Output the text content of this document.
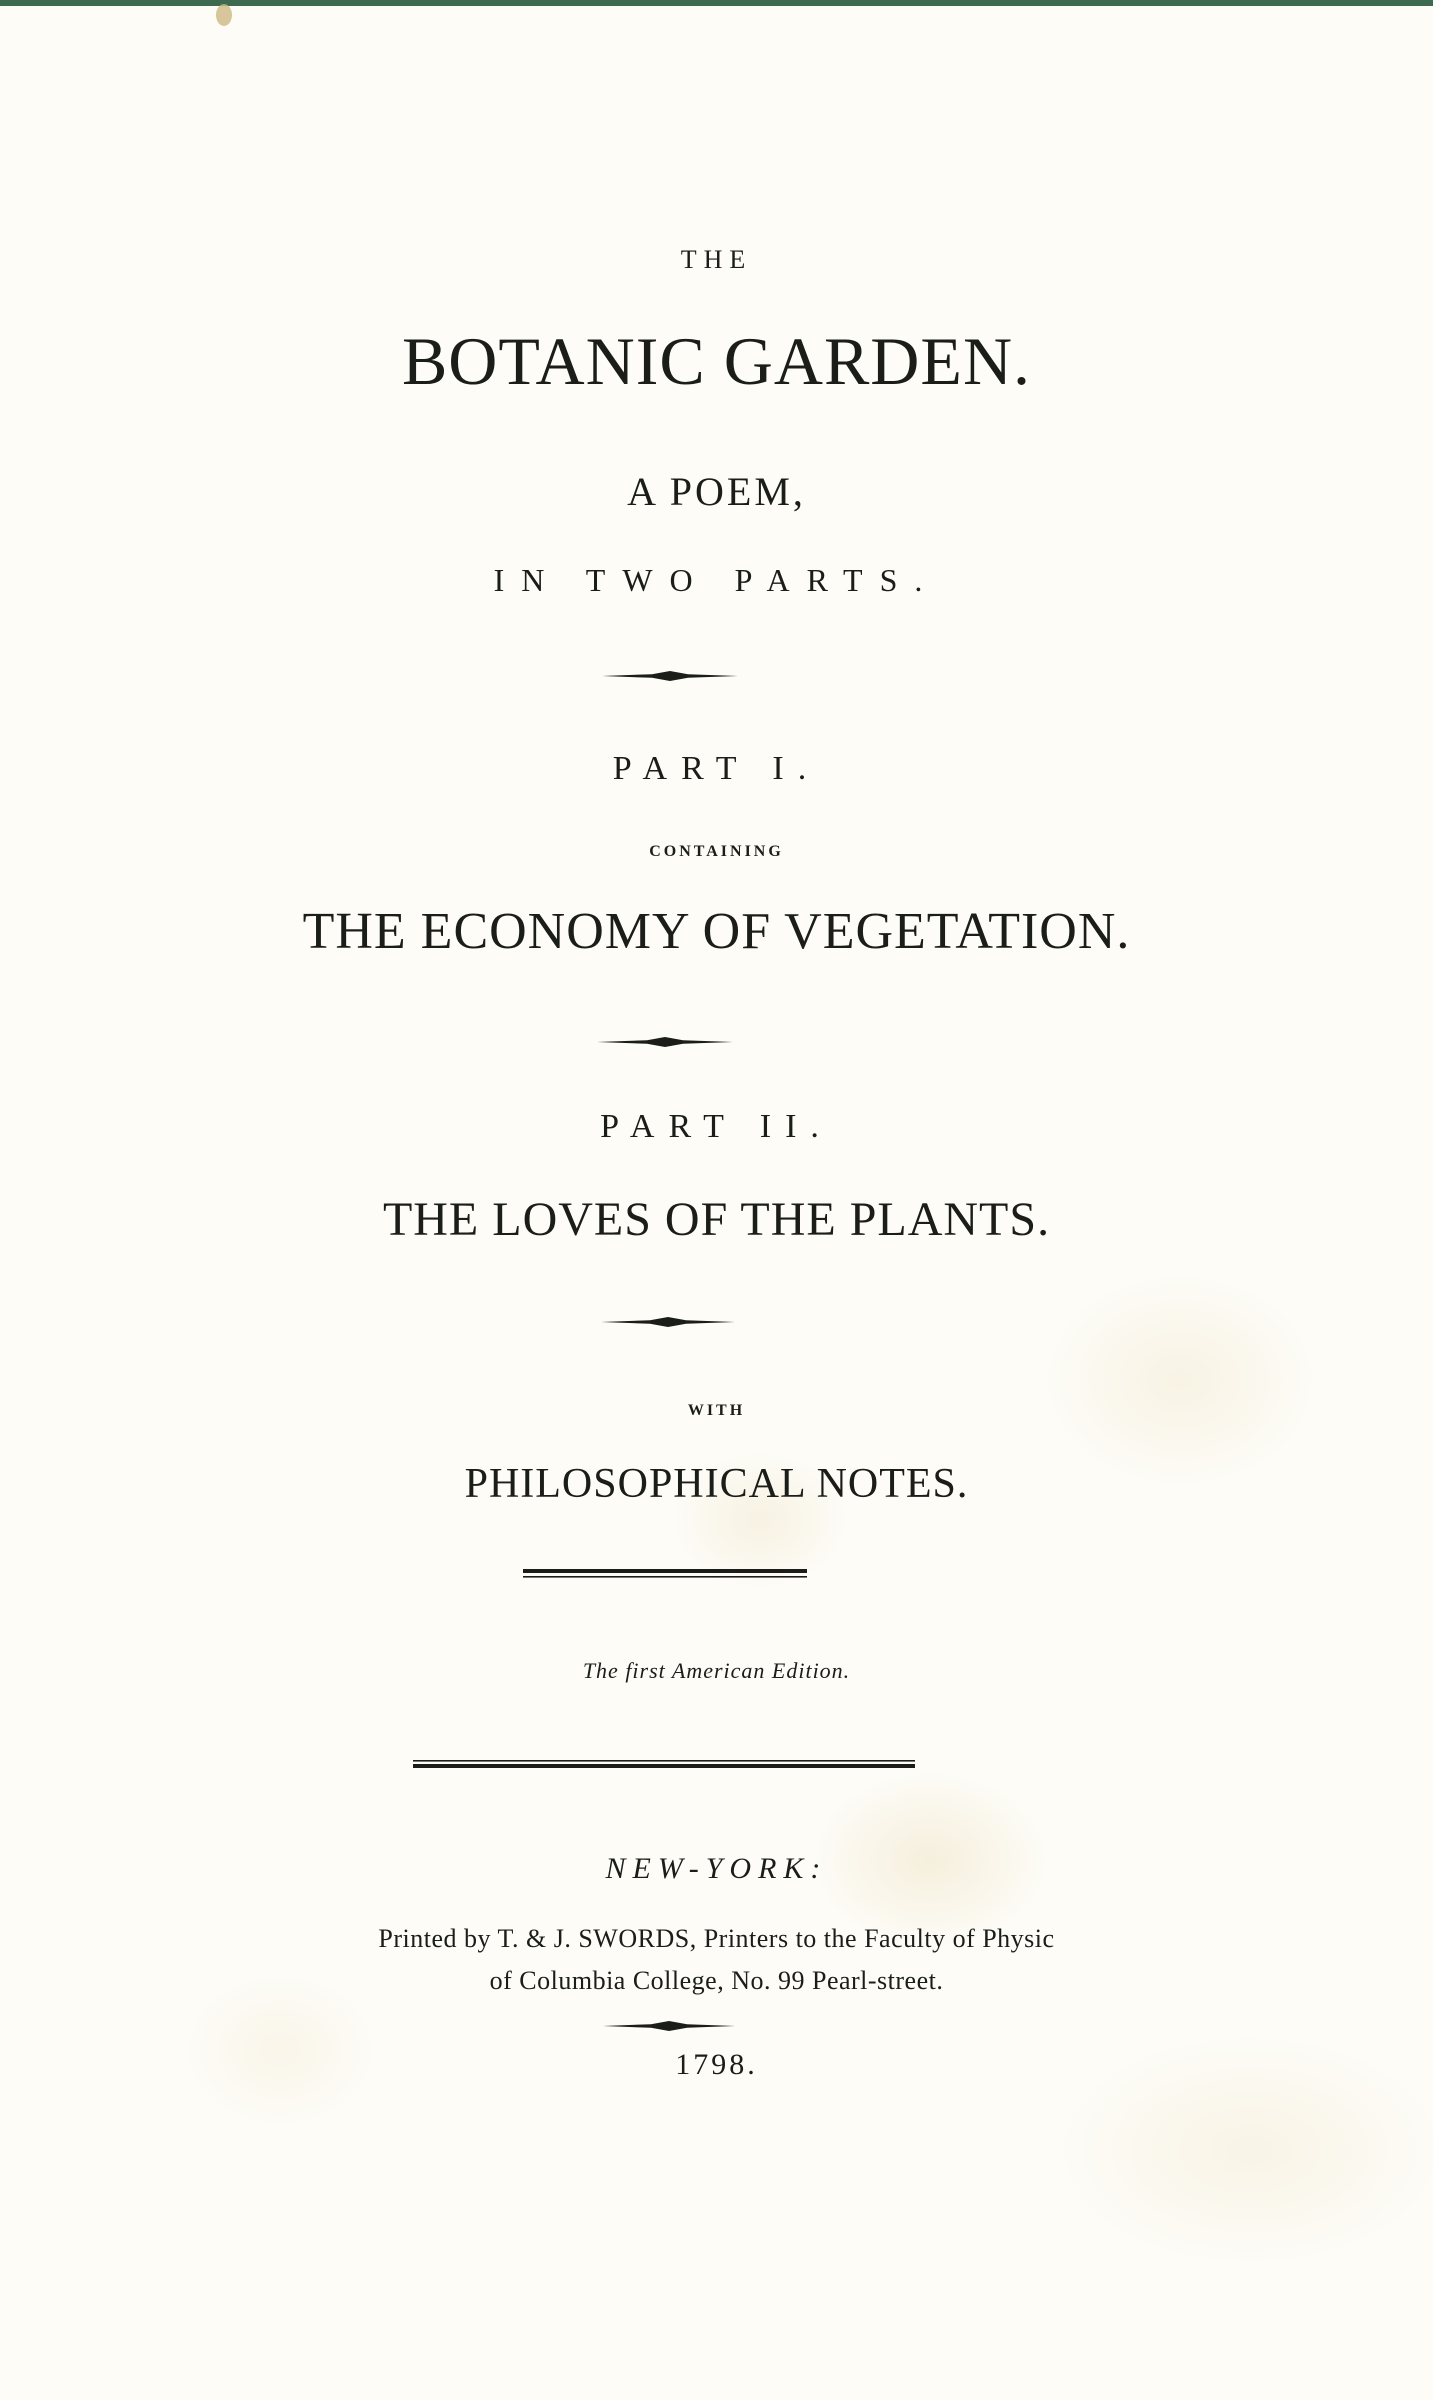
THE
BOTANIC GARDEN.
A POEM,
IN TWO PARTS.
PART I.
CONTAINING
THE ECONOMY OF VEGETATION.
PART II.
THE LOVES OF THE PLANTS.
WITH
PHILOSOPHICAL NOTES.
The first American Edition.
NEW-YORK:
Printed by T. & J. SWORDS, Printers to the Faculty of Physic
of Columbia College, No. 99 Pearl-street.
1798.
